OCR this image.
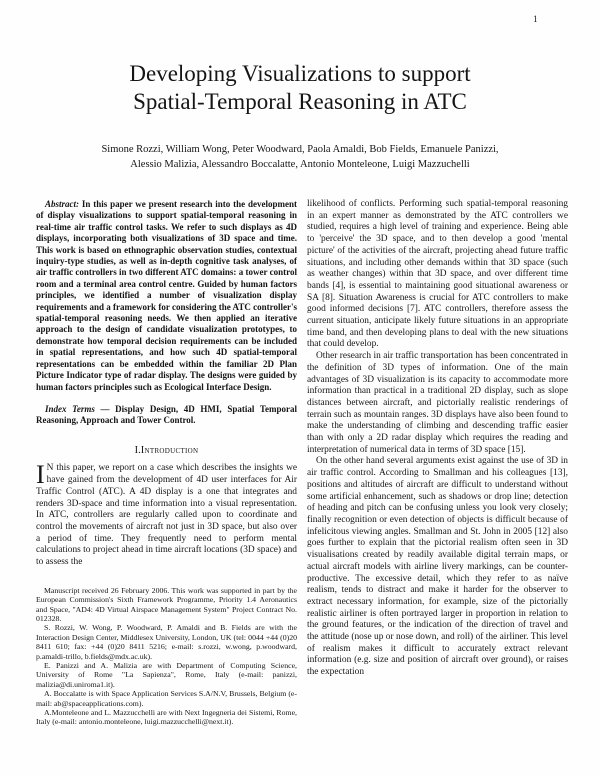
1
Developing Visualizations to support
Spatial-Temporal Reasoning in ATC
Simone Rozzi, William Wong, Peter Woodward, Paola Amaldi, Bob Fields, Emanuele Panizzi,
Alessio Malizia, Alessandro Boccalatte, Antonio Monteleone, Luigi Mazzuchelli

Abstract: In this paper we present research into the development of display visualizations to support spatial-temporal reasoning in real-time air traffic control tasks. We refer to such displays as 4D displays, incorporating both visualizations of 3D space and time. This work is based on ethnographic observation studies, contextual inquiry-type studies, as well as in-depth cognitive task analyses, of air traffic controllers in two different ATC domains: a tower control room and a terminal area control centre. Guided by human factors principles, we identified a number of visualization display requirements and a framework for considering the ATC controller's spatial-temporal reasoning needs. We then applied an iterative approach to the design of candidate visualization prototypes, to demonstrate how temporal decision requirements can be included in spatial representations, and how such 4D spatial-temporal representations can be embedded within the familiar 2D Plan Picture Indicator type of radar display. The designs were guided by human factors principles such as Ecological Interface Design.

Index Terms — Display Design, 4D HMI, Spatial Temporal Reasoning, Approach and Tower Control.

I.Introduction

I N this paper, we report on a case which describes the insights we have gained from the development of 4D user interfaces for Air Traffic Control (ATC). A 4D display is a one that integrates and renders 3D-space and time information into a visual representation. In ATC, controllers are regularly called upon to coordinate and control the movements of aircraft not just in 3D space, but also over a period of time. They frequently need to perform mental calculations to project ahead in time aircraft locations (3D space) and to assess the

Manuscript received 26 February 2006. This work was supported in part by the European Commission's Sixth Framework Programme, Priority 1.4 Aeronautics and Space, "AD4: 4D Virtual Airspace Management System" Project Contract No. 012328.

S. Rozzi, W. Wong, P. Woodward, P. Amaldi and B. Fields are with the Interaction Design Center, Middlesex University, London, UK (tel: 0044 +44 (0)20 8411 610; fax: +44 (0)20 8411 5216; e-mail: s.rozzi, w.wong, p.woodward, p.amaldi-trillo, b.fields@mdx.ac.uk).

E. Panizzi and A. Malizia are with Department of Computing Science, University of Rome "La Sapienza", Rome, Italy (e-mail: panizzi, malizia@di.uniroma1.it).

A. Boccalatte is with Space Application Services S.A/N.V, Brussels, Belgium (e-mail: ab@spaceapplications.com).

A.Monteleone and L. Mazzucchelli are with Next Ingegneria dei Sistemi, Rome, Italy (e-mail: antonio.monteleone, luigi.mazzucchelli@next.it).

likelihood of conflicts. Performing such spatial-temporal reasoning in an expert manner as demonstrated by the ATC controllers we studied, requires a high level of training and experience. Being able to 'perceive' the 3D space, and to then develop a good 'mental picture' of the activities of the aircraft, projecting ahead future traffic situations, and including other demands within that 3D space (such as weather changes) within that 3D space, and over different time bands [4], is essential to maintaining good situational awareness or SA [8]. Situation Awareness is crucial for ATC controllers to make good informed decisions [7]. ATC controllers, therefore assess the current situation, anticipate likely future situations in an appropriate time band, and then developing plans to deal with the new situations that could develop.

Other research in air traffic transportation has been concentrated in the definition of 3D types of information. One of the main advantages of 3D visualization is its capacity to accommodate more information than practical in a traditional 2D display, such as slope distances between aircraft, and pictorially realistic renderings of terrain such as mountain ranges. 3D displays have also been found to make the understanding of climbing and descending traffic easier than with only a 2D radar display which requires the reading and interpretation of numerical data in terms of 3D space [15].

On the other hand several arguments exist against the use of 3D in air traffic control. According to Smallman and his colleagues [13], positions and altitudes of aircraft are difficult to understand without some artificial enhancement, such as shadows or drop line; detection of heading and pitch can be confusing unless you look very closely; finally recognition or even detection of objects is difficult because of infelicitous viewing angles. Smallman and St. John in 2005 [12] also goes further to explain that the pictorial realism often seen in 3D visualisations created by readily available digital terrain maps, or actual aircraft models with airline livery markings, can be counter-productive. The excessive detail, which they refer to as naïve realism, tends to distract and make it harder for the observer to extract necessary information, for example, size of the pictorially realistic airliner is often portrayed larger in proportion in relation to the ground features, or the indication of the direction of travel and the attitude (nose up or nose down, and roll) of the airliner. This level of realism makes it difficult to accurately extract relevant information (e.g. size and position of aircraft over ground), or raises the expectation
